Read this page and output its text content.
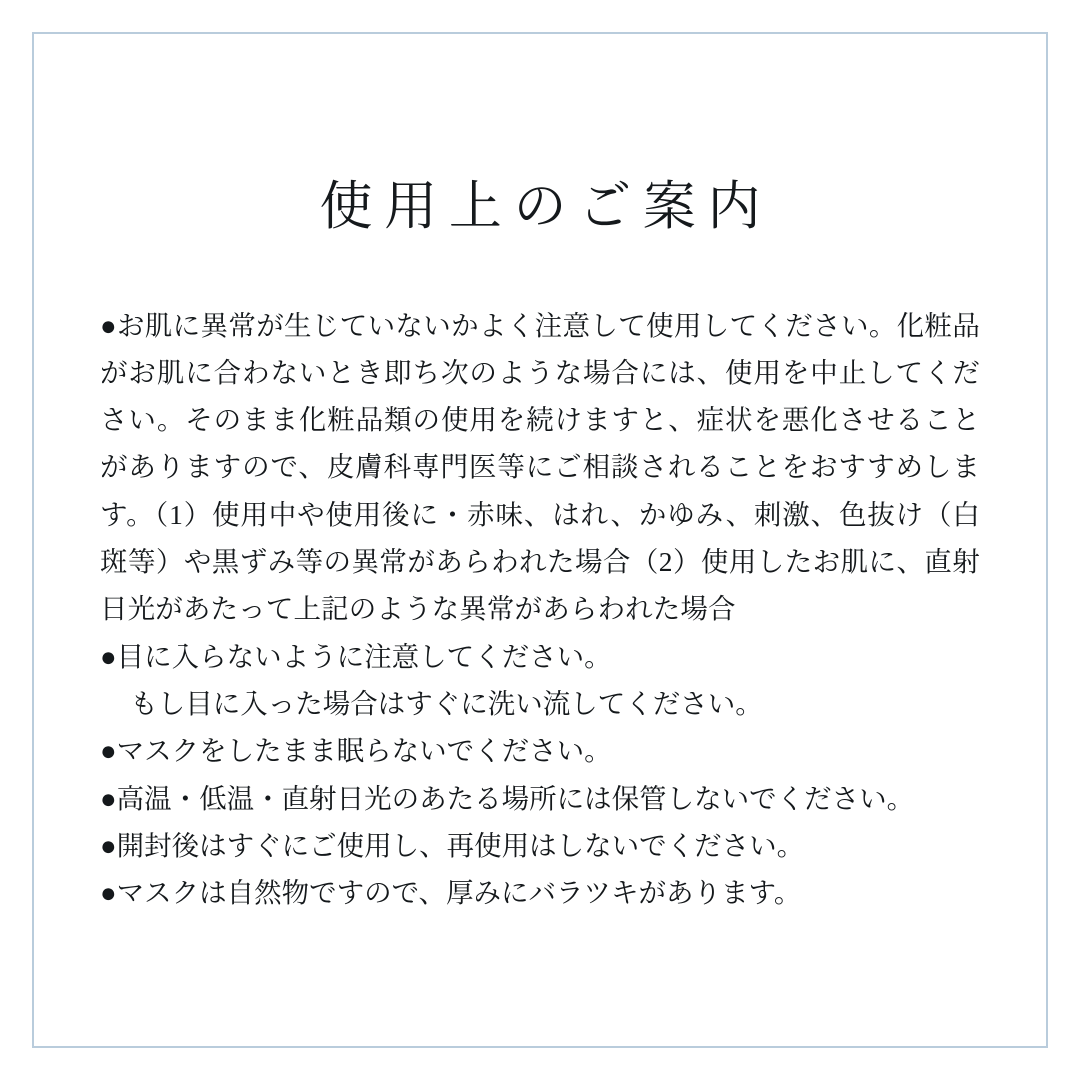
使用上のご案内

●お肌に異常が生じていないかよく注意して使用してください。化粧品がお肌に合わないとき即ち次のような場合には、使用を中止してください。そのまま化粧品類の使用を続けますと、症状を悪化させることがありますので、皮膚科専門医等にご相談されることをおすすめします。（1）使用中や使用後に・赤味、はれ、かゆみ、刺激、色抜け（白斑等）や黒ずみ等の異常があらわれた場合（2）使用したお肌に、直射日光があたって上記のような異常があらわれた場合

●目に入らないように注意してください。
もし目に入った場合はすぐに洗い流してください。
●マスクをしたまま眠らないでください。
●高温・低温・直射日光のあたる場所には保管しないでください。
●開封後はすぐにご使用し、再使用はしないでください。
●マスクは自然物ですので、厚みにバラツキがあります。
